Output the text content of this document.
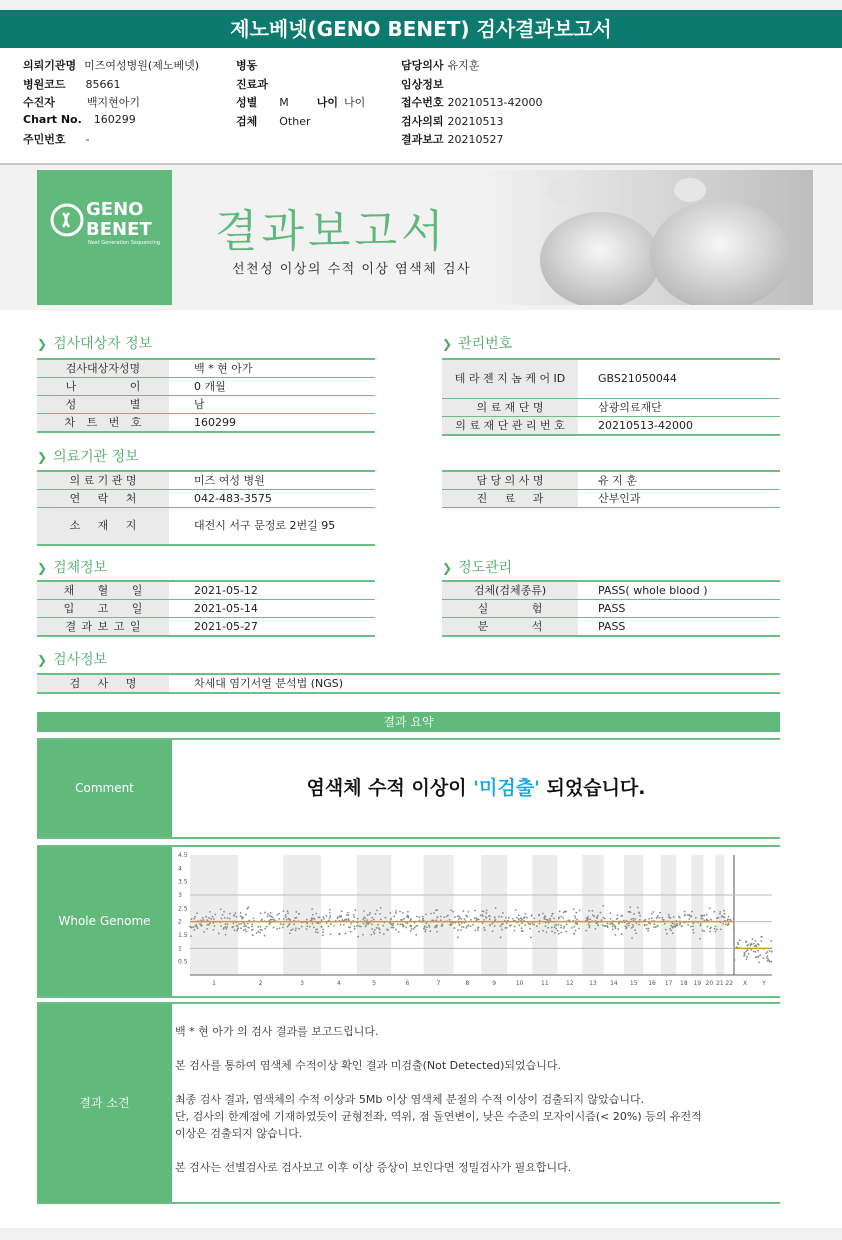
제노베넷(GENO BENET) 검사결과보고서
의뢰기관명 미즈여성병원(제노베넷)
병원코드 85661
수진자	백지현아기
Chart No. 160299
주민번호 -
병동
진료과
성별 M	나이 나이
검체 Other
담당의사 유지훈
임상정보
접수번호 20210513-42000
검사의뢰 20210513
결과보고 20210527
GENO
BENET
Next Generation Sequencing 결과보고서
선천성 이상의 수적 이상 염색체 검사
❯ 검사대상자 정보
검사대상자성명	백 * 현 아가
나 이	0 개월
성 별	남
차 트 번 호	160299
❯ 관리번호
테 라 젠 지 놈 케 어 ID	GBS21050044
의 료 재 단 명	삼광의료재단
의 료 재 단 관 리 번 호	20210513-42000
❯ 의료기관 정보
의 료 기 관 명	미즈 여성 병원
연 락 처	042-483-3575
소 재 지	대전시 서구 문정로 2번길 95
담 당 의 사 명	유 지 훈
진 료 과	산부인과
❯ 검체정보
채 혈 일	2021-05-12
입 고 일	2021-05-14
결 과 보 고 일	2021-05-27
❯ 정도관리
검체(검체종류)	PASS( whole blood )
실 험	PASS
분 석	PASS
❯ 검사정보
검 사 명	차세대 염기서열 분석법 (NGS)
결과 요약
Comment	염색체 수적 이상이 '미검출' 되었습니다.
Whole Genome
4.5
4
3.5
3
2.5
2
1.5
1
0.5
1	2	3	4	5	6	7	8	9	10	11	12	13 14 15 16 17 18 19 20 21 22 X	Y
결과 소견
백 * 현 아가 의 검사 결과를 보고드립니다.
본 검사를 통하여 염색체 수적이상 확인 결과 미검출(Not Detected)되었습니다.
최종 검사 결과, 염색체의 수적 이상과 5Mb 이상 염색체 분절의 수적 이상이 검출되지 않았습니다.
단, 검사의 한계점에 기재하였듯이 균형전좌, 역위, 점 돌연변이, 낮은 수준의 모자이시즘(< 20%) 등의 유전적
이상은 검출되지 않습니다.
본 검사는 선별검사로 검사보고 이후 이상 증상이 보인다면 정밀검사가 필요합니다.
